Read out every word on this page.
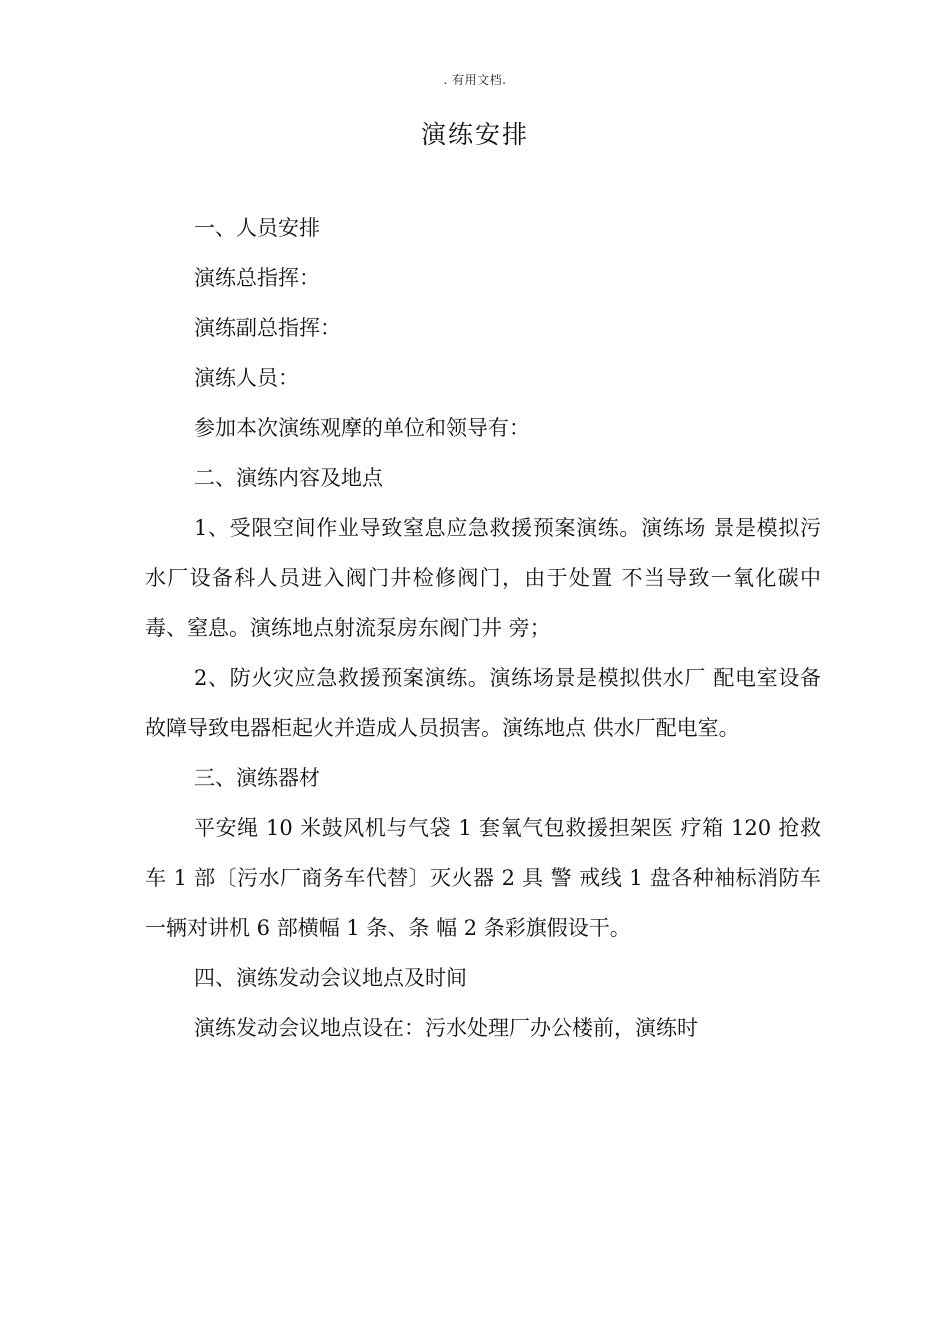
. 有用文档.
演练安排

一、人员安排

演练总指挥：

演练副总指挥：

演练人员：

参加本次演练观摩的单位和领导有：

二、演练内容及地点

1、受限空间作业导致窒息应急救援预案演练。演练场 景是模拟污水厂设备科人员进入阀门井检修阀门，由于处置 不当导致一氧化碳中毒、窒息。演练地点射流泵房东阀门井 旁；

2、防火灾应急救援预案演练。演练场景是模拟供水厂 配电室设备故障导致电器柜起火并造成人员损害。演练地点 供水厂配电室。

三、演练器材

平安绳 10 米鼓风机与气袋 1 套氧气包救援担架医 疗箱 120 抢救车 1 部〔污水厂商务车代替〕灭火器 2 具 警 戒线 1 盘各种袖标消防车一辆对讲机 6 部横幅 1 条、条 幅 2 条彩旗假设干。

四、演练发动会议地点及时间

演练发动会议地点设在：污水处理厂办公楼前，演练时
